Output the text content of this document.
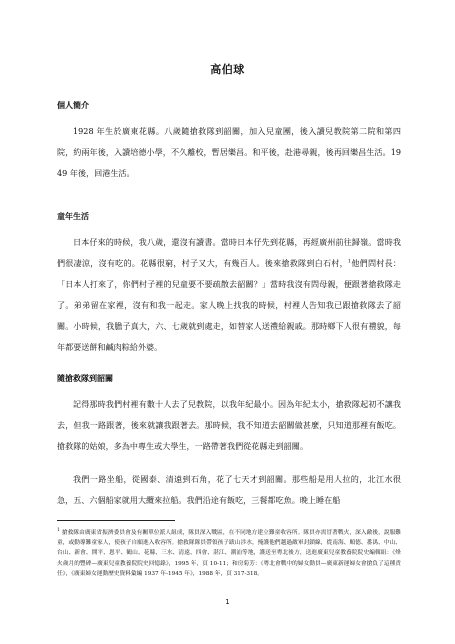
高伯球
個人簡介

1928 年生於廣東花縣。八歲隨搶救隊到韶關，加入兒童團，後入讀兒教院第二院和第四院，約兩年後，入讀培德小學，不久離校，暫居樂昌。和平後，赴港尋親，後再回樂昌生活。1949 年後，回港生活。

童年生活

日本仔來的時候，我八歲，還沒有讀書。當時日本仔先到花縣，再經廣州前往歸嶺。當時我們很凄涼，沒有吃的。花縣很窮，村子又大，有幾百人。後來搶救隊到白石村，$^1$他們問村長：「日本人打來了，你們村子裡的兒童要不要疏散去韶關？」當時我沒有問母親，便跟著搶救隊走了。弟弟留在家裡，沒有和我一起走。家人晚上找我的時候，村裡人告知我已跟搶救隊去了韶關。小時候，我膽子真大，六、七歲就到處走，如替家人送禮給親戚。那時鄉下人很有禮貌，每年都要送餅和鹹肉粽給外婆。

隨搶救隊到韶關

記得那時我們村裡有數十人去了兒教院，以我年紀最小。因為年紀太小，搶救隊起初不讓我去，但我一路跟著，後來就讓我跟著去。那時候，我不知道去韶關做甚麼，只知道那裡有飯吃。搶救隊的姑娘，多為中專生或大學生，一路帶著我們從花縣走到韶關。

我們一路坐船，從國泰、清遠到石角，花了七天才到韶關。那些船是用人拉的，北江水很急，五、六個船家就用大纜來拉船。我們沿途有飯吃，三餐都吃魚。晚上睡在船

$^1$ 搶救隊由廣東省振濟委員會及有關單位派人組成，隊員深入戰區，在不同地方建立難童收容所。隊員亦需冒著戰火，深入敵後，說服難童，或動導難童家人，使孩子自願進入收容所。搶救隊隊員帶領孩子跋山涉水，掩護他們越過敵軍封鎖線，從南海、順德、番禺、中山、台山、新會、開平、恩平、鶴山、花縣、三水、清遠、四會、湛江、潮汕等地，護送至粵北後方，送進廣東兒童教養院院史編輯組：《烽火歲月的豐碑—廣東兒童教養院院史回憶錄》，1995 年，頁 10-11；和房菊芳：《粵北會戰中的婦女動員—廣東新運婦女會搶負了這種責任》，《廣東婦女運動歷史資料彙編 1937 年-1945 年》，1988 年，頁 317-318。
1
